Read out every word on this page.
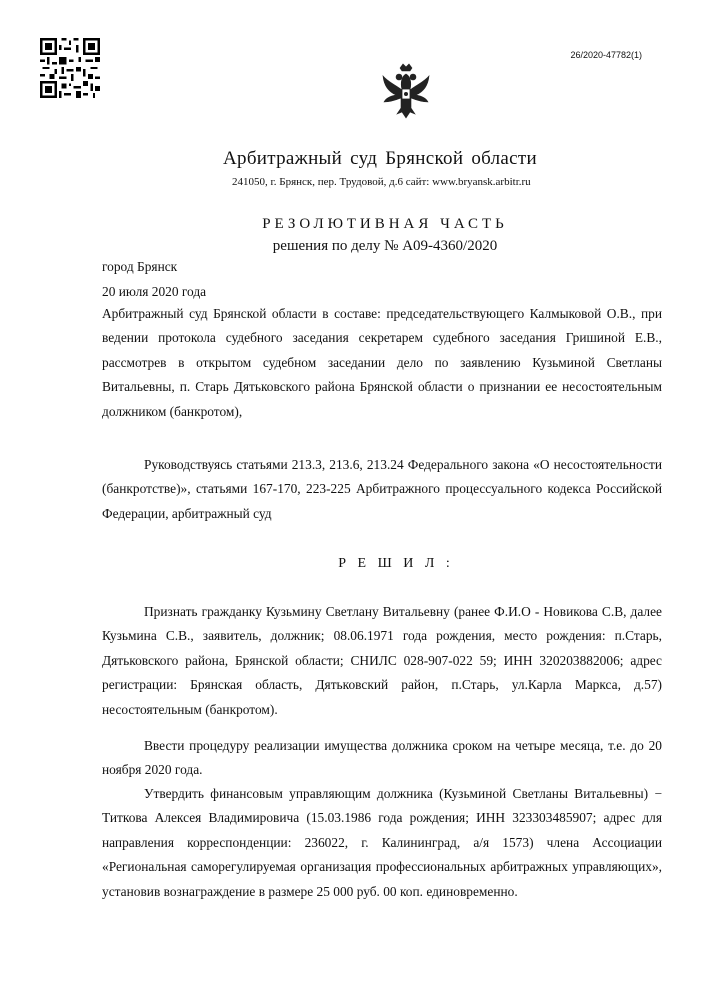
26/2020-47782(1)
Арбитражный суд Брянской области
241050, г. Брянск, пер. Трудовой, д.6 сайт: www.bryansk.arbitr.ru
РЕЗОЛЮТИВНАЯ ЧАСТЬ
решения по делу № А09-4360/2020
город Брянск
20 июля 2020 года
Арбитражный суд Брянской области в составе: председательствующего Калмыковой О.В., при ведении протокола судебного заседания секретарем судебного заседания Гришиной Е.В., рассмотрев в открытом судебном заседании дело по заявлению Кузьминой Светланы Витальевны, п. Старь Дятьковского района Брянской области о признании ее несостоятельным должником (банкротом),
Руководствуясь статьями 213.3, 213.6, 213.24 Федерального закона «О несостоятельности (банкротстве)», статьями 167-170, 223-225 Арбитражного процессуального кодекса Российской Федерации, арбитражный суд
Р Е Ш И Л :
Признать гражданку Кузьмину Светлану Витальевну (ранее Ф.И.О - Новикова С.В, далее Кузьмина С.В., заявитель, должник; 08.06.1971 года рождения, место рождения: п.Старь, Дятьковского района, Брянской области; СНИЛС 028-907-022 59; ИНН 320203882006; адрес регистрации: Брянская область, Дятьковский район, п.Старь, ул.Карла Маркса, д.57) несостоятельным (банкротом).
Ввести процедуру реализации имущества должника сроком на четыре месяца, т.е. до 20 ноября 2020 года.
Утвердить финансовым управляющим должника (Кузьминой Светланы Витальевны) − Титкова Алексея Владимировича (15.03.1986 года рождения; ИНН 323303485907; адрес для направления корреспонденции: 236022, г. Калининград, а/я 1573) члена Ассоциации «Региональная саморегулируемая организация профессиональных арбитражных управляющих», установив вознаграждение в размере 25 000 руб. 00 коп. единовременно.
